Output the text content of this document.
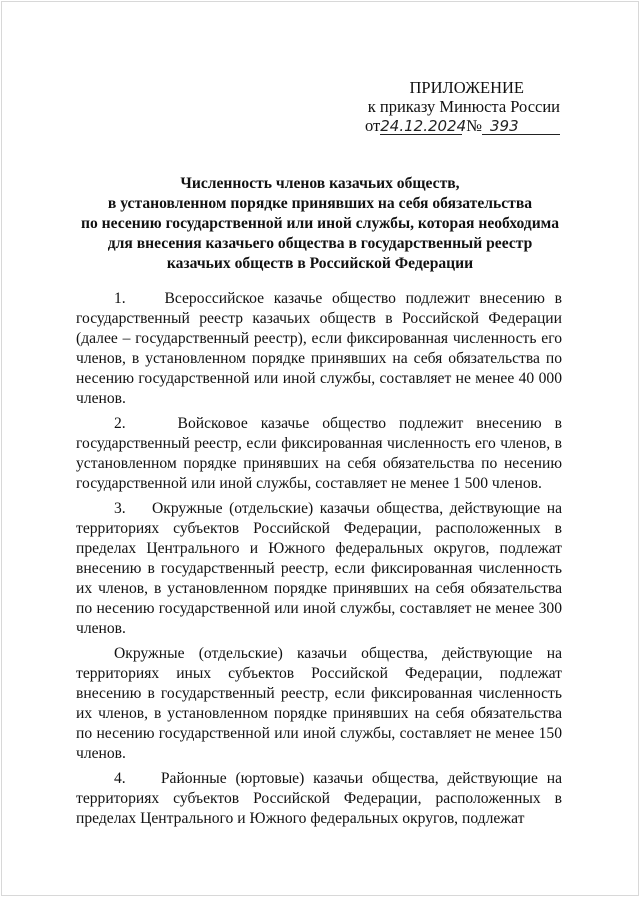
ПРИЛОЖЕНИЕ
к приказу Минюста России
от 24.12.2024 № 393
Численность членов казачьих обществ,
в установленном порядке принявших на себя обязательства
по несению государственной или иной службы, которая необходима
для внесения казачьего общества в государственный реестр
казачьих обществ в Российской Федерации

1.    Всероссийское казачье общество подлежит внесению в государственный реестр казачьих обществ в Российской Федерации (далее – государственный реестр), если фиксированная численность его членов, в установленном порядке принявших на себя обязательства по несению государственной или иной службы, составляет не менее 40 000 членов.

2.    Войсковое казачье общество подлежит внесению в государственный реестр, если фиксированная численность его членов, в установленном порядке принявших на себя обязательства по несению государственной или иной службы, составляет не менее 1 500 членов.

3.    Окружные (отдельские) казачьи общества, действующие на территориях субъектов Российской Федерации, расположенных в пределах Центрального и Южного федеральных округов, подлежат внесению в государственный реестр, если фиксированная численность их членов, в установленном порядке принявших на себя обязательства по несению государственной или иной службы, составляет не менее 300 членов.

Окружные (отдельские) казачьи общества, действующие на территориях иных субъектов Российской Федерации, подлежат внесению в государственный реестр, если фиксированная численность их членов, в установленном порядке принявших на себя обязательства по несению государственной или иной службы, составляет не менее 150 членов.

4.    Районные (юртовые) казачьи общества, действующие на территориях субъектов Российской Федерации, расположенных в пределах Центрального и Южного федеральных округов, подлежат
